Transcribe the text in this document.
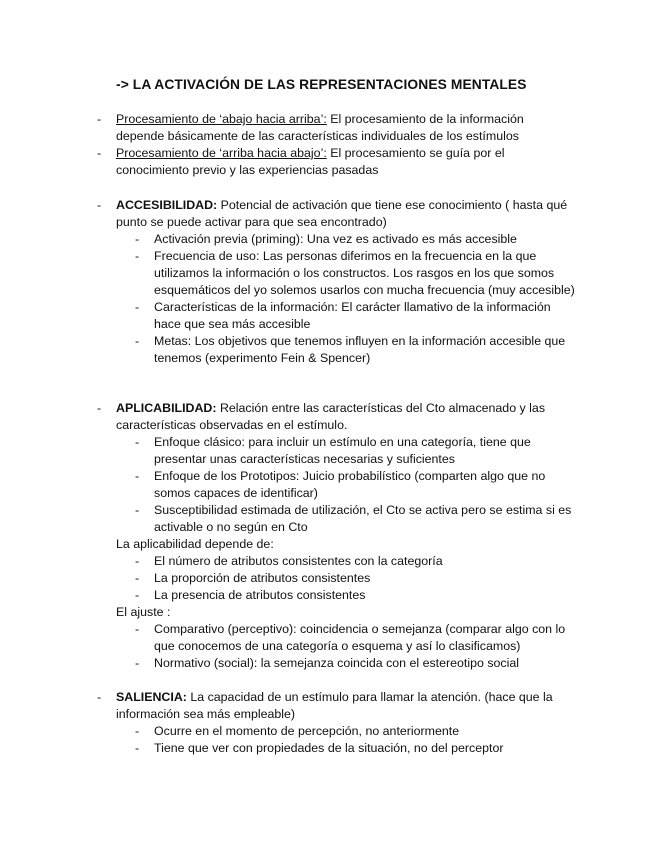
-> LA ACTIVACIÓN DE LAS REPRESENTACIONES MENTALES
- Procesamiento de ‘abajo hacia arriba’: El procesamiento de la información depende básicamente de las características individuales de los estímulos
- Procesamiento de ‘arriba hacia abajo’: El procesamiento se guía por el conocimiento previo y las experiencias pasadas
- ACCESIBILIDAD: Potencial de activación que tiene ese conocimiento ( hasta qué punto se puede activar para que sea encontrado)
- Activación previa (priming): Una vez es activado es más accesible
- Frecuencia de uso: Las personas diferimos en la frecuencia en la que utilizamos la información o los constructos. Los rasgos en los que somos esquemáticos del yo solemos usarlos con mucha frecuencia (muy accesible)
- Características de la información: El carácter llamativo de la información hace que sea más accesible
- Metas: Los objetivos que tenemos influyen en la información accesible que tenemos (experimento Fein & Spencer)
- APLICABILIDAD: Relación entre las características del Cto almacenado y las características observadas en el estímulo.
- Enfoque clásico: para incluir un estímulo en una categoría, tiene que presentar unas características necesarias y suficientes
- Enfoque de los Prototipos: Juicio probabilístico (comparten algo que no somos capaces de identificar)
- Susceptibilidad estimada de utilización, el Cto se activa pero se estima si es activable o no según en Cto
La aplicabilidad depende de:
- El número de atributos consistentes con la categoría
- La proporción de atributos consistentes
- La presencia de atributos consistentes
El ajuste :
- Comparativo (perceptivo): coincidencia o semejanza (comparar algo con lo que conocemos de una categoría o esquema y así lo clasificamos)
- Normativo (social): la semejanza coincida con el estereotipo social
- SALIENCIA: La capacidad de un estímulo para llamar la atención. (hace que la información sea más empleable)
- Ocurre en el momento de percepción, no anteriormente
- Tiene que ver con propiedades de la situación, no del perceptor
